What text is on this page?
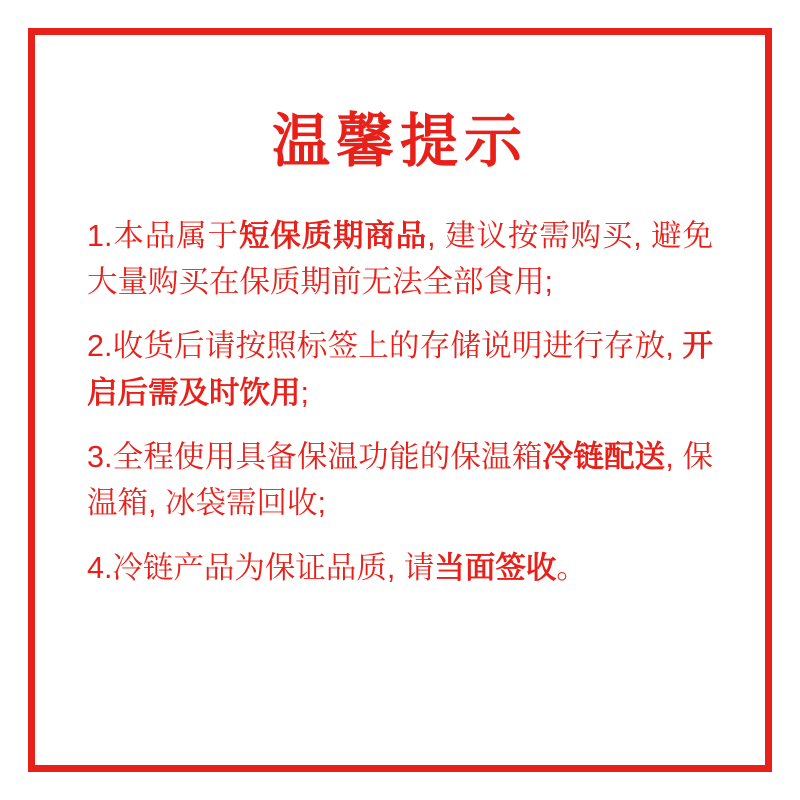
温馨提示
1.本品属于短保质期商品, 建议按需购买, 避免大量购买在保质期前无法全部食用;
2.收货后请按照标签上的存储说明进行存放, 开启后需及时饮用;
3.全程使用具备保温功能的保温箱冷链配送, 保温箱, 冰袋需回收;
4.冷链产品为保证品质, 请当面签收。
